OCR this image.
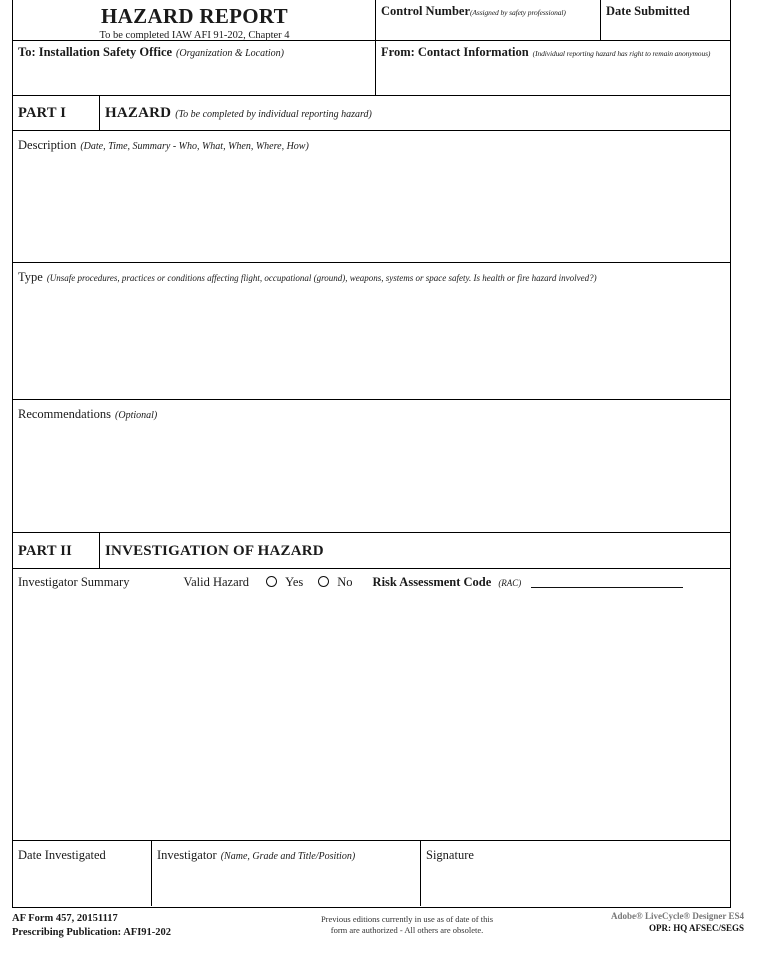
HAZARD REPORT
To be completed IAW AFI 91-202, Chapter 4
Control Number(Assigned by safety professional)	Date Submitted
To: Installation Safety Office (Organization & Location)	From: Contact Information (Individual reporting hazard has right to remain anonymous)
PART I	HAZARD (To be completed by individual reporting hazard)
Description (Date, Time, Summary - Who, What, When, Where, How)
Type (Unsafe procedures, practices or conditions affecting flight, occupational (ground), weapons, systems or space safety. Is health or fire hazard involved?)
Recommendations (Optional)
PART II	INVESTIGATION OF HAZARD
Investigator Summary	Valid Hazard	Yes	No Risk Assessment Code (RAC)
Date Investigated	Investigator (Name, Grade and Title/Position)	Signature
AF Form 457, 20151117
Prescribing Publication: AFI91-202
Previous editions currently in use as of date of this
form are authorized - All others are obsolete.
Adobe® LiveCycle® Designer ES4
OPR: HQ AFSEC/SEGS
